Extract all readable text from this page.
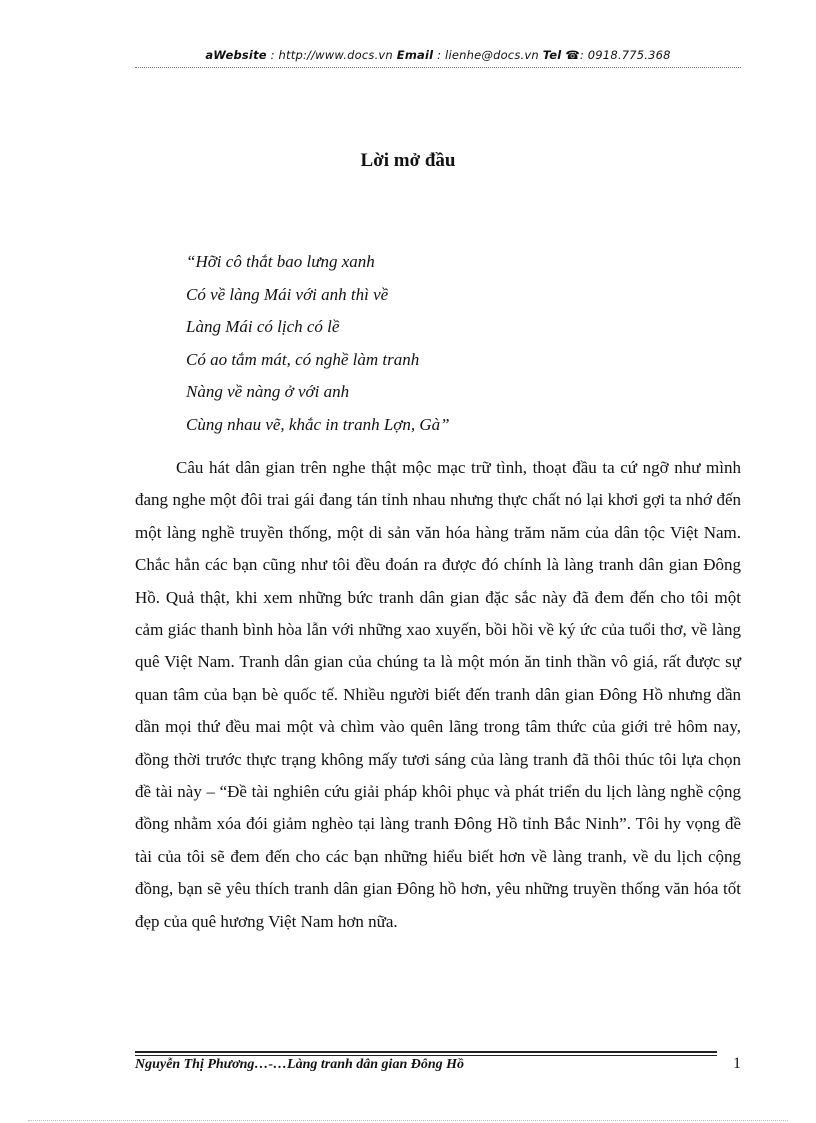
aWebsite : http://www.docs.vn Email : lienhe@docs.vn Tel ☎: 0918.775.368
Lời mở đầu
“Hỡi cô thắt bao lưng xanh
Có về làng Mái với anh thì về
Làng Mái có lịch có lề
Có ao tắm mát, có nghề làm tranh
Nàng về nàng ở với anh
Cùng nhau vẽ, khắc in tranh Lợn, Gà”

Câu hát dân gian trên nghe thật mộc mạc trữ tình, thoạt đầu ta cứ ngỡ như mình đang nghe một đôi trai gái đang tán tỉnh nhau nhưng thực chất nó lại khơi gợi ta nhớ đến một làng nghề truyền thống, một di sản văn hóa hàng trăm năm của dân tộc Việt Nam. Chắc hẳn các bạn cũng như tôi đều đoán ra được đó chính là làng tranh dân gian Đông Hồ. Quả thật, khi xem những bức tranh dân gian đặc sắc này đã đem đến cho tôi một cảm giác thanh bình hòa lẫn với những xao xuyến, bồi hồi về ký ức của tuổi thơ, về làng quê Việt Nam. Tranh dân gian của chúng ta là một món ăn tinh thần vô giá, rất được sự quan tâm của bạn bè quốc tế. Nhiều người biết đến tranh dân gian Đông Hồ nhưng dần dần mọi thứ đều mai một và chìm vào quên lãng trong tâm thức của giới trẻ hôm nay, đồng thời trước thực trạng không mấy tươi sáng của làng tranh đã thôi thúc tôi lựa chọn đề tài này – “Đề tài nghiên cứu giải pháp khôi phục và phát triển du lịch làng nghề cộng đồng nhằm xóa đói giảm nghèo tại làng tranh Đông Hồ tỉnh Bắc Ninh”. Tôi hy vọng đề tài của tôi sẽ đem đến cho các bạn những hiểu biết hơn về làng tranh, về du lịch cộng đồng, bạn sẽ yêu thích tranh dân gian Đông hồ hơn, yêu những truyền thống văn hóa tốt đẹp của quê hương Việt Nam hơn nữa.

Nguyễn Thị Phương…-…Làng tranh dân gian Đông Hồ	1
